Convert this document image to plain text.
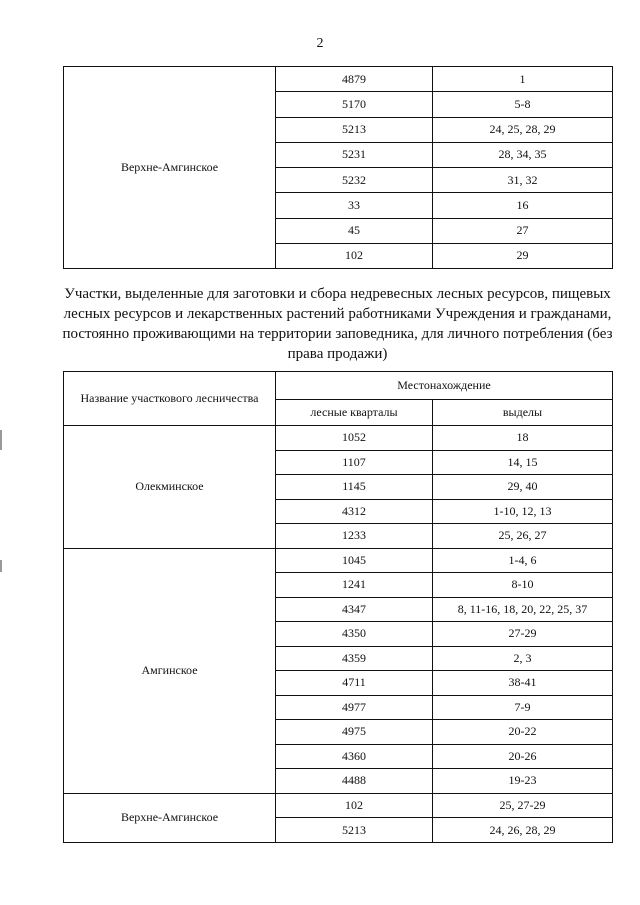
2
Верхне-Амгинское	4879	1
	5170	5-8
	5213	24, 25, 28, 29
	5231	28, 34, 35
	5232	31, 32
	33	16
	45	27
	102	29
Участки, выделенные для заготовки и сбора недревесных лесных ресурсов, пищевых лесных ресурсов и лекарственных растений работниками Учреждения и гражданами, постоянно проживающими на территории заповедника, для личного потребления (без права продажи)
Название участкового лесничества	Местонахождение	
	лесные кварталы	выделы
Олекминское	1052	18
	1107	14, 15
	1145	29, 40
	4312	1-10, 12, 13
	1233	25, 26, 27
Амгинское	1045	1-4, 6
	1241	8-10
	4347	8, 11-16, 18, 20, 22, 25, 37
	4350	27-29
	4359	2, 3
	4711	38-41
	4977	7-9
	4975	20-22
	4360	20-26
	4488	19-23
Верхне-Амгинское	102	25, 27-29
	5213	24, 26, 28, 29
